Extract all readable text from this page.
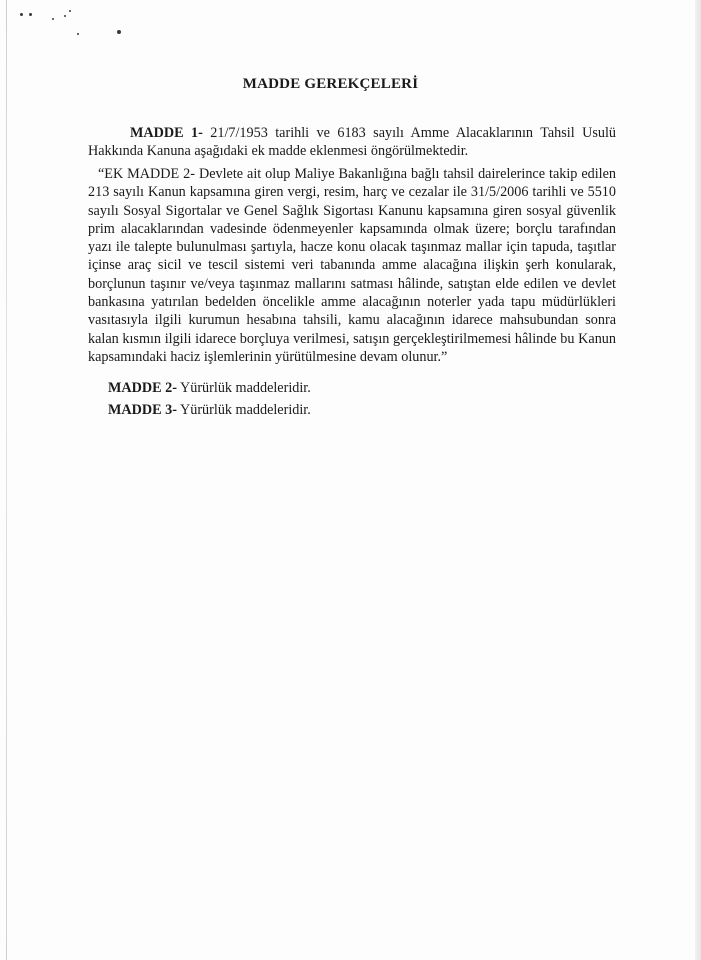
MADDE GEREKÇELERİ

MADDE 1- 21/7/1953 tarihli ve 6183 sayılı Amme Alacaklarının Tahsil Usulü Hakkında Kanuna aşağıdaki ek madde eklenmesi öngörülmektedir.

“EK MADDE 2- Devlete ait olup Maliye Bakanlığına bağlı tahsil dairelerince takip edilen 213 sayılı Kanun kapsamına giren vergi, resim, harç ve cezalar ile 31/5/2006 tarihli ve 5510 sayılı Sosyal Sigortalar ve Genel Sağlık Sigortası Kanunu kapsamına giren sosyal güvenlik prim alacaklarından vadesinde ödenmeyenler kapsamında olmak üzere; borçlu tarafından yazı ile talepte bulunulması şartıyla, hacze konu olacak taşınmaz mallar için tapuda, taşıtlar içinse araç sicil ve tescil sistemi veri tabanında amme alacağına ilişkin şerh konularak, borçlunun taşınır ve/veya taşınmaz mallarını satması hâlinde, satıştan elde edilen ve devlet bankasına yatırılan bedelden öncelikle amme alacağının noterler yada tapu müdürlükleri vasıtasıyla ilgili kurumun hesabına tahsili, kamu alacağının idarece mahsubundan sonra kalan kısmın ilgili idarece borçluya verilmesi, satışın gerçekleştirilmemesi hâlinde bu Kanun kapsamındaki haciz işlemlerinin yürütülmesine devam olunur.”

MADDE 2- Yürürlük maddeleridir.

MADDE 3- Yürürlük maddeleridir.
